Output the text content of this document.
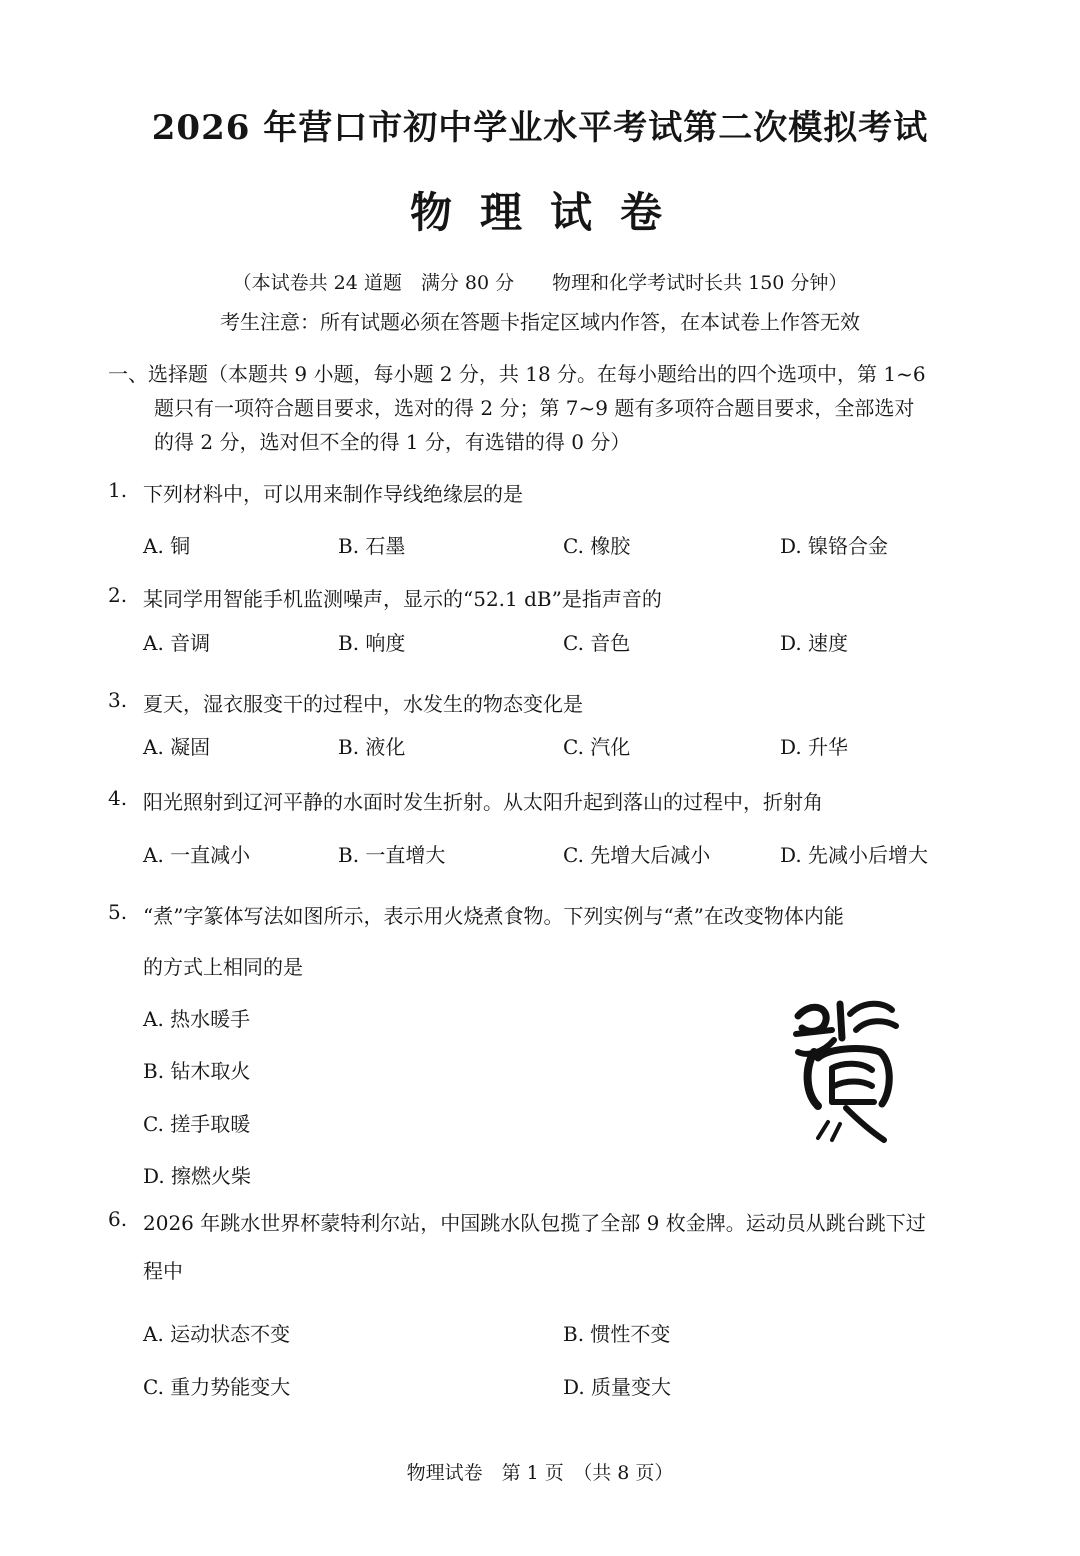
2026 年营口市初中学业水平考试第二次模拟考试
物理试卷
（本试卷共 24 道题　满分 80 分　　物理和化学考试时长共 150 分钟）
考生注意：所有试题必须在答题卡指定区域内作答，在本试卷上作答无效
一、选择题（本题共 9 小题，每小题 2 分，共 18 分。在每小题给出的四个选项中，第 1~6
题只有一项符合题目要求，选对的得 2 分；第 7~9 题有多项符合题目要求，全部选对
的得 2 分，选对但不全的得 1 分，有选错的得 0 分）
1. 下列材料中，可以用来制作导线绝缘层的是
A. 铜	B. 石墨	C. 橡胶	D. 镍铬合金
2. 某同学用智能手机监测噪声，显示的“52.1 dB”是指声音的
A. 音调	B. 响度	C. 音色	D. 速度
3. 夏天，湿衣服变干的过程中，水发生的物态变化是
A. 凝固	B. 液化	C. 汽化	D. 升华
4. 阳光照射到辽河平静的水面时发生折射。从太阳升起到落山的过程中，折射角
A. 一直减小	B. 一直增大	C. 先增大后减小	D. 先减小后增大
5. “煮”字篆体写法如图所示，表示用火烧煮食物。下列实例与“煮”在改变物体内能
的方式上相同的是
A. 热水暖手
B. 钻木取火
C. 搓手取暖
D. 擦燃火柴
6. 2026 年跳水世界杯蒙特利尔站，中国跳水队包揽了全部 9 枚金牌。运动员从跳台跳下过
程中
A. 运动状态不变	B. 惯性不变
C. 重力势能变大	D. 质量变大
物理试卷　第 1 页　（共 8 页）
